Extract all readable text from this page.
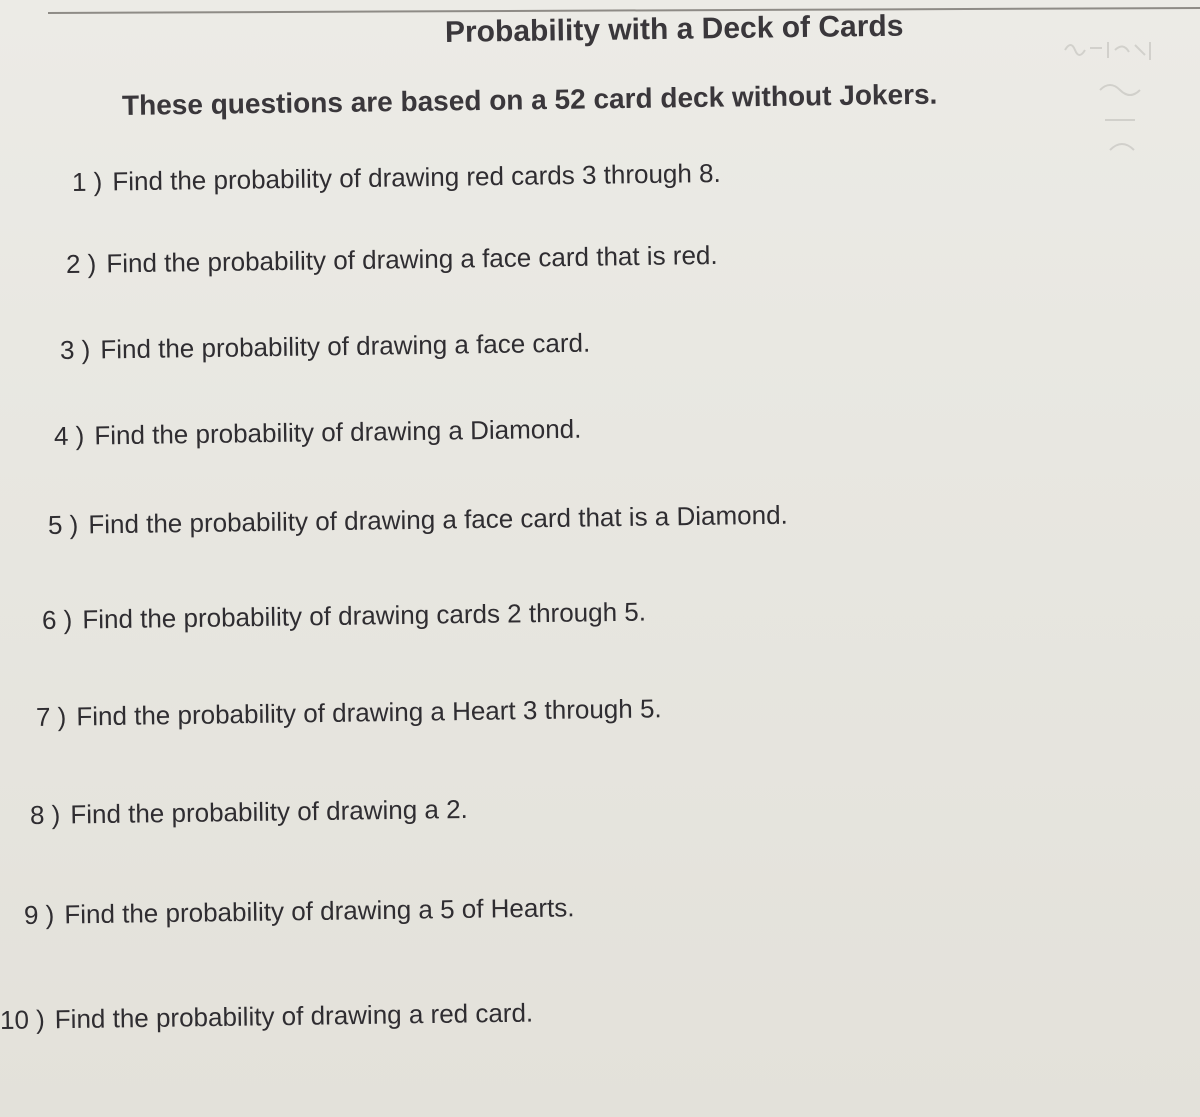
Probability with a Deck of Cards
These questions are based on a 52 card deck without Jokers.
1 ) Find the probability of drawing red cards 3 through 8.
2 ) Find the probability of drawing a face card that is red.
3 ) Find the probability of drawing a face card.
4 ) Find the probability of drawing a Diamond.
5 ) Find the probability of drawing a face card that is a Diamond.
6 ) Find the probability of drawing cards 2 through 5.
7 ) Find the probability of drawing a Heart 3 through 5.
8 ) Find the probability of drawing a 2.
9 ) Find the probability of drawing a 5 of Hearts.
10 ) Find the probability of drawing a red card.
